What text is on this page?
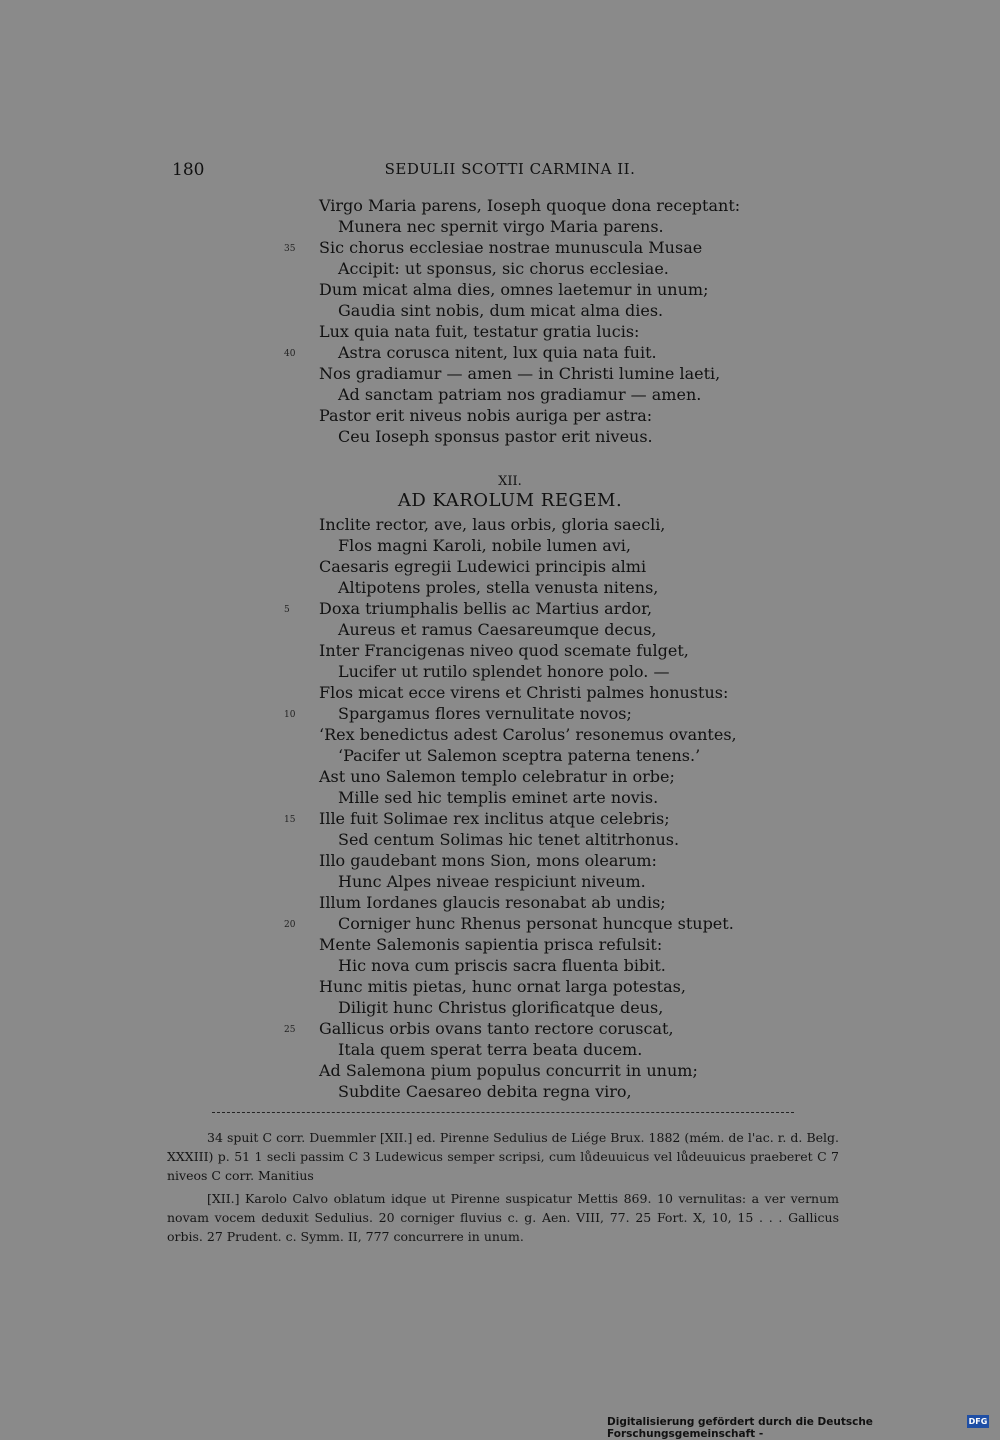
180	SEDULII SCOTTI CARMINA II.
Virgo Maria parens, Ioseph quoque dona receptant:
Munera nec spernit virgo Maria parens.
35 Sic chorus ecclesiae nostrae munuscula Musae
Accipit: ut sponsus, sic chorus ecclesiae.
Dum micat alma dies, omnes laetemur in unum;
Gaudia sint nobis, dum micat alma dies.
Lux quia nata fuit, testatur gratia lucis:
40	Astra corusca nitent, lux quia nata fuit.
Nos gradiamur — amen — in Christi lumine laeti,
Ad sanctam patriam nos gradiamur — amen.
Pastor erit niveus nobis auriga per astra:
Ceu Ioseph sponsus pastor erit niveus.
XII.
AD KAROLUM REGEM.
Inclite rector, ave, laus orbis, gloria saecli,
Flos magni Karoli, nobile lumen avi,
Caesaris egregii Ludewici principis almi
Altipotens proles, stella venusta nitens,
5 Doxa triumphalis bellis ac Martius ardor,
Aureus et ramus Caesareumque decus,
Inter Francigenas niveo quod scemate fulget,
Lucifer ut rutilo splendet honore polo. —
Flos micat ecce virens et Christi palmes honustus:
10	Spargamus flores vernulitate novos;
‘Rex benedictus adest Carolus’ resonemus ovantes,
‘Pacifer ut Salemon sceptra paterna tenens.’
Ast uno Salemon templo celebratur in orbe;
Mille sed hic templis eminet arte novis.
15 Ille fuit Solimae rex inclitus atque celebris;
Sed centum Solimas hic tenet altitrhonus.
Illo gaudebant mons Sion, mons olearum:
Hunc Alpes niveae respiciunt niveum.
Illum Iordanes glaucis resonabat ab undis;
20	Corniger hunc Rhenus personat huncque stupet.
Mente Salemonis sapientia prisca refulsit:
Hic nova cum priscis sacra fluenta bibit.
Hunc mitis pietas, hunc ornat larga potestas,
Diligit hunc Christus glorificatque deus,
25 Gallicus orbis ovans tanto rectore coruscat,
Itala quem sperat terra beata ducem.
Ad Salemona pium populus concurrit in unum;
Subdite Caesareo debita regna viro,

34 spuit C corr. Duemmler [XII.] ed. Pirenne Sedulius de Liége Brux. 1882 (mém. de l'ac. r. d. Belg. XXXIII) p. 51 1 secli passim C 3 Ludewicus semper scripsi, cum lůdeuuicus vel lůdeuuicus praeberet C 7 niveos C corr. Manitius

[XII.] Karolo Calvo oblatum idque ut Pirenne suspicatur Mettis 869. 10 vernulitas: a ver vernum novam vocem deduxit Sedulius. 20 corniger fluvius c. g. Aen. VIII, 77. 25 Fort. X, 10, 15 . . . Gallicus orbis. 27 Prudent. c. Symm. II, 777 concurrere in unum.

Digitalisierung gefördert durch die Deutsche Forschungsgemeinschaft -
DFG
